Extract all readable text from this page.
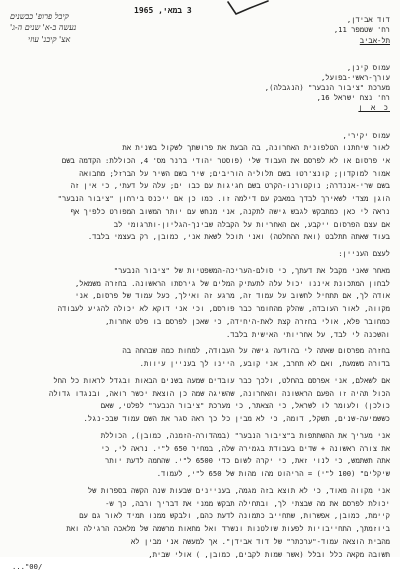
קיבל פרופ' כבשנים
נעשה ב-א' שנים ה-ג'
אצ' קיבנ' עוזי
3 במאי, 1965
דוד אבידן,
רח' שטמפר 11,
תל-אביב
עמוס קינן,
עורך-ראשי-בפועל,
מערכת "ציבור הנבער" (הנגבלה),
רח' נצח ישראל 16,
כ א ן
עמוס יקירי,
לאור שיחתנו הטלפונית האחרונה, בה הבעת את פרושתך לשקול בשנית את
אי פרסום או לא לפרסם את העבוד שלי (פוסטר יהודי ברנר מס' 4, הכוללת: הקדמה בשם
אמור למוקדון; קונצ'רטו בשם תלוליה הוריבים; שיר בשם השיר על הברזל; מחבואה
בשם שרי-אננדרה; נוקטורנו-הקרט בשם חגיגות עם כבו ים; עלה על דעתי, כי אין זה
הוגן מצדי לשאירך לבדך במאבק עם דילמה זו. כמו כן אם ייכנס בירחון "ציבור הנבער"
נראה לי כאן כמתבקש לגבש גישה לתקנה, אני מנחש עם יותר המשוב המפורט כלפיך אף
אם עצם הפרסום ייקבע, אם האחריות על הקבלה שבינך-הגליון-ותרגומי לב
בעוד שאתה תתלבט (ואת ההחלטה) ואני תוכל לשאת אני, כמובן, רק בעצמי בלבד.
לעצם העניין:
מאחר שאני מקבל את דעתך, כי סולם-העריכה-המשפטיות של "ציבור הנבער"
לבחון המתכונת איננו יכול עלה לתעתיק המלים של גירסתו הראשונה. בחזרה משמאל,
אודה לך, אם תתחיל לחשוב על עמוד זה, מרגע זה ואילך, כעל עמוד של פרסום, אני
מקווה, לאור העובדה, שהלק מהחומר כבר פורסם, וכי אני דוקא לא יכולה להגיע לעבודה
כמחובר פלא, אולי בחזרה קצת לאת-היחידה, כי שאכן לפרסם בו פלט אחרות,
והשכנה לי לבד, על אחריותי האישית בלבד.
בחזרה מפרסום שאתה לי בהודעה גישה על העבודה, למחות כמה שבהחה בה
בדורה משמעת, ואם לא תחרב, אני קובע, היינו לך בעניין עיוות.
אם לשאלם, אני אפרסם בהחלט, ולכך כבר עובדים שמעה בשנים הבאות ובגדל לראות כל החל
הכול תהיה זו הפעם הראשונה והאחרונה, שהשיגה שמה כן הוצאת יכשר רואה, ובנגדו גדולה
כולכן) ולעומר לו לשראל, כי הצאתר, כי מערכת "ציבור הנבער" לפלטי, שאם
כששמיעה-שנים, תשקל, דומה, כי לא מבין כל כך ראה סגר את השם עמוד שבכ-נגל.
אני מעריך את ההשתתפות ב"ציבור הנבער" (במהדורה-הזמנה, כמובן), הכוללת
את צורה ראשונה + שדים בעבודת בגמירה שלה, במחיר 650 ל"י. נראה לי, כי
אתה תשתמש, כי לנוי זאת, כי יקרה לשום כדי 6500 ל"י. שהחמה לדעת יותר
שיקלים" (100 ל"י) = הריהוט מהו מהות של 650 ל"י, לעמוד.
אני מקווה מאוד, כי לא תוצא בזה מגמה, בעניינים שבעות שנה הקשה בספרות של
יכולת לפרסם את מה שבצתי לך, ובתחילה תבקש ממני את דבריך ורבה, כך ש-
קיימת, כמובן, אפשרות, שתחייב כתמונה לדעת כהם, ולבקש ממנו תמיד לאור גם עם
ביוזמתך, התחייבויות לפעות שולטנות ונשרד ואל מחאות מרשמה של מלאכה הרגילה ואת
מהבית הוצאה עמוד-"ערכתר" של דוד אבידן". אך למעשה אני מבין לא
תשובה מקאה כלל ובלל (אשר שמות לקבים, כמובן, ) אולי שבית,
..."00/
